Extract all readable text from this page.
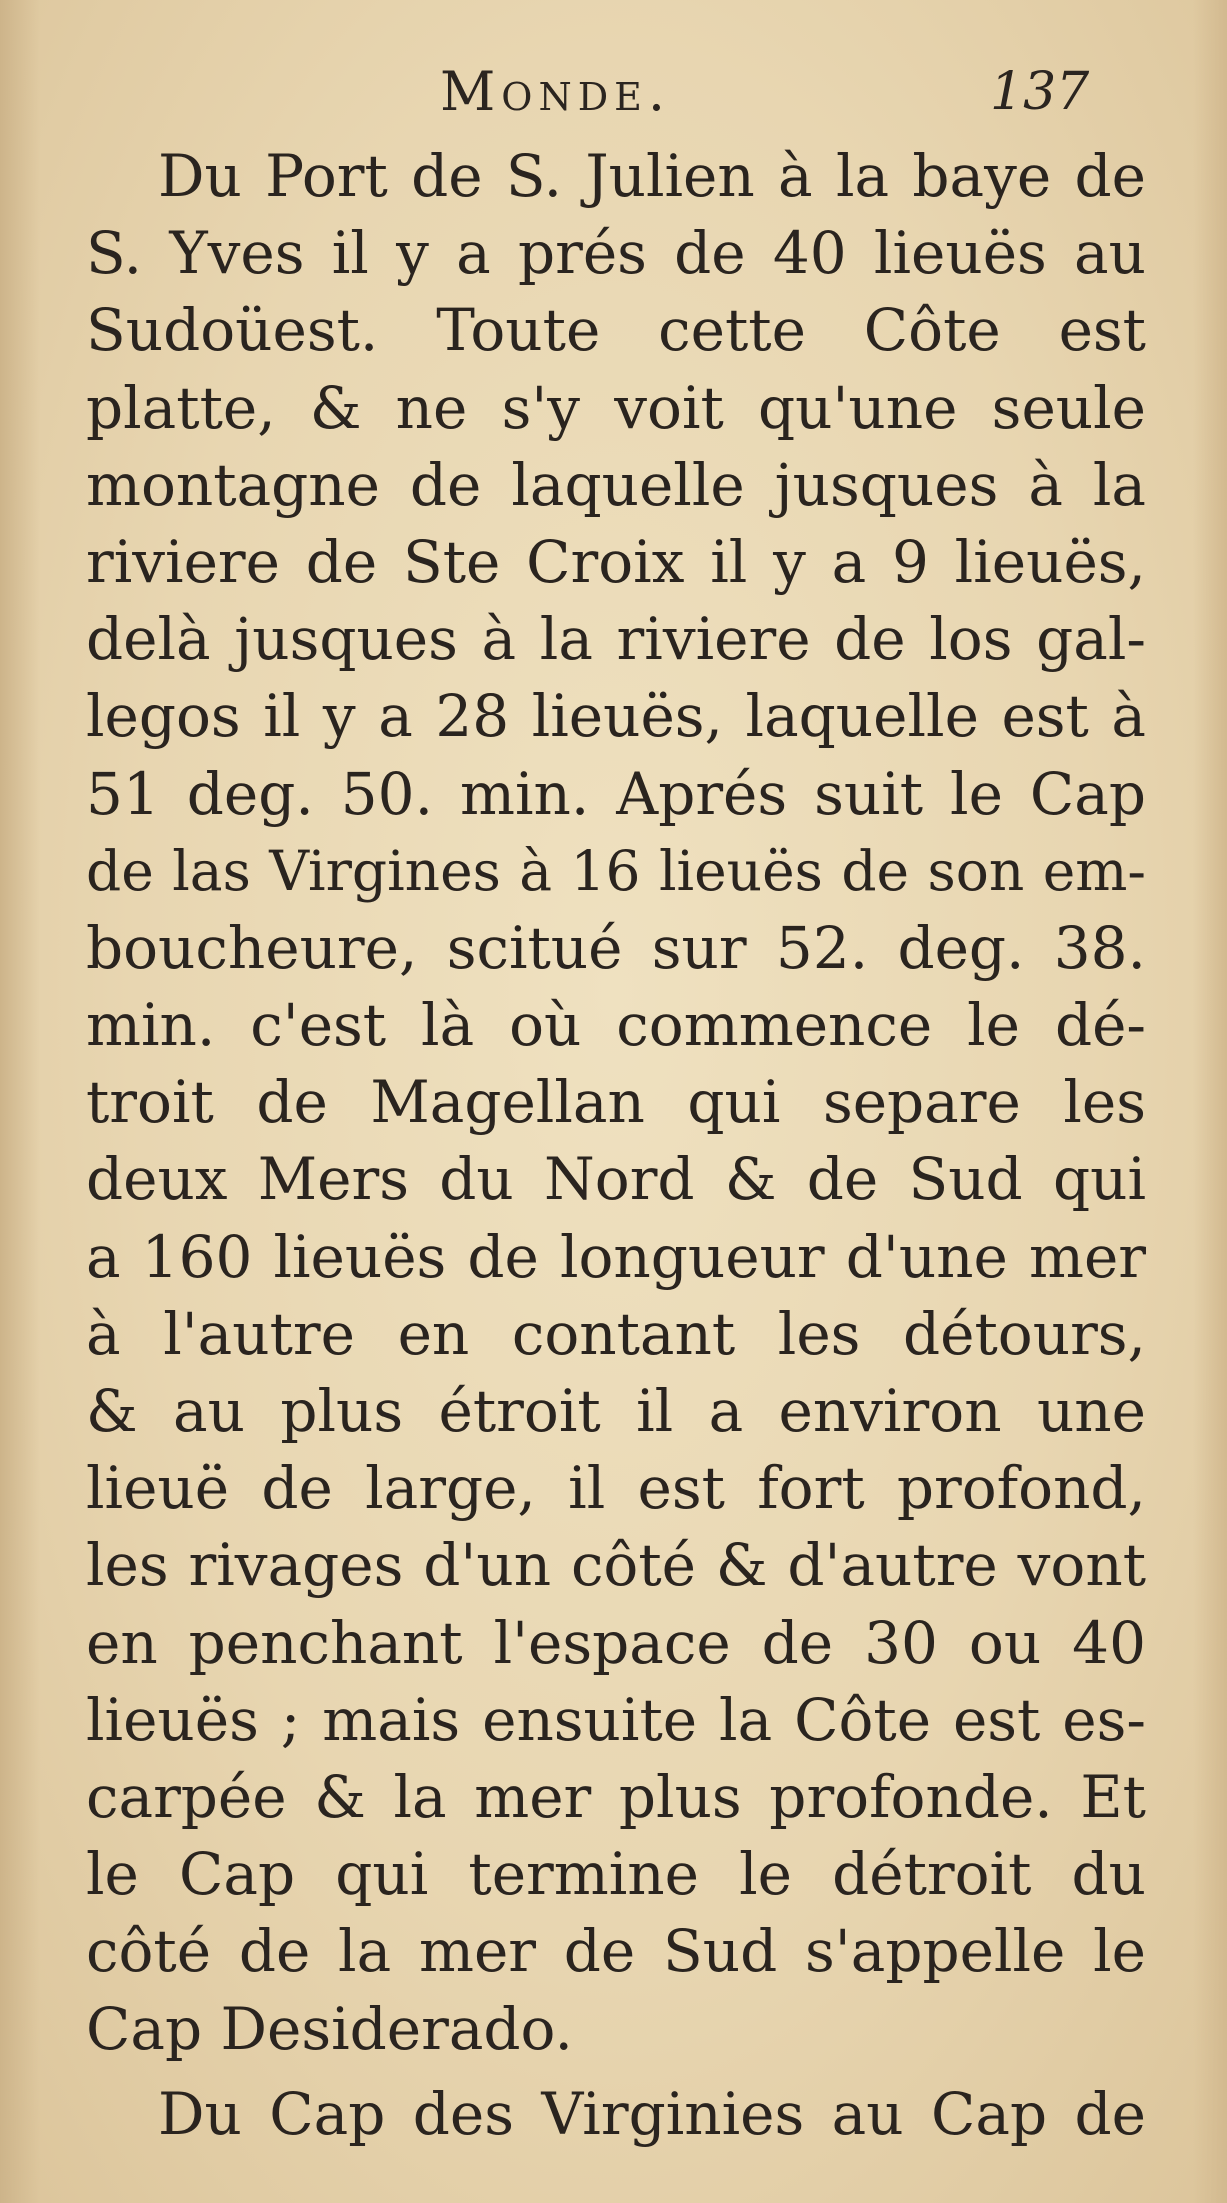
Monde.	137
Du Port de S. Julien à la baye de
S. Yves il y a prés de 40 lieuës au
Sudoüest. Toute cette Côte est
platte, & ne s'y voit qu'une seule
montagne de laquelle jusques à la
riviere de Ste Croix il y a 9 lieuës,
delà jusques à la riviere de los gal-
legos il y a 28 lieuës, laquelle est à
51 deg. 50. min. Aprés suit le Cap
de las Virgines à 16 lieuës de son em-
boucheure, scitué sur 52. deg. 38.
min. c'est là où commence le dé-
troit de Magellan qui separe les
deux Mers du Nord & de Sud qui
a 160 lieuës de longueur d'une mer
à l'autre en contant les détours,
& au plus étroit il a environ une
lieuë de large, il est fort profond,
les rivages d'un côté & d'autre vont
en penchant l'espace de 30 ou 40
lieuës ; mais ensuite la Côte est es-
carpée & la mer plus profonde. Et
le Cap qui termine le détroit du
côté de la mer de Sud s'appelle le
Cap Desiderado.
Du Cap des Virginies au Cap de
